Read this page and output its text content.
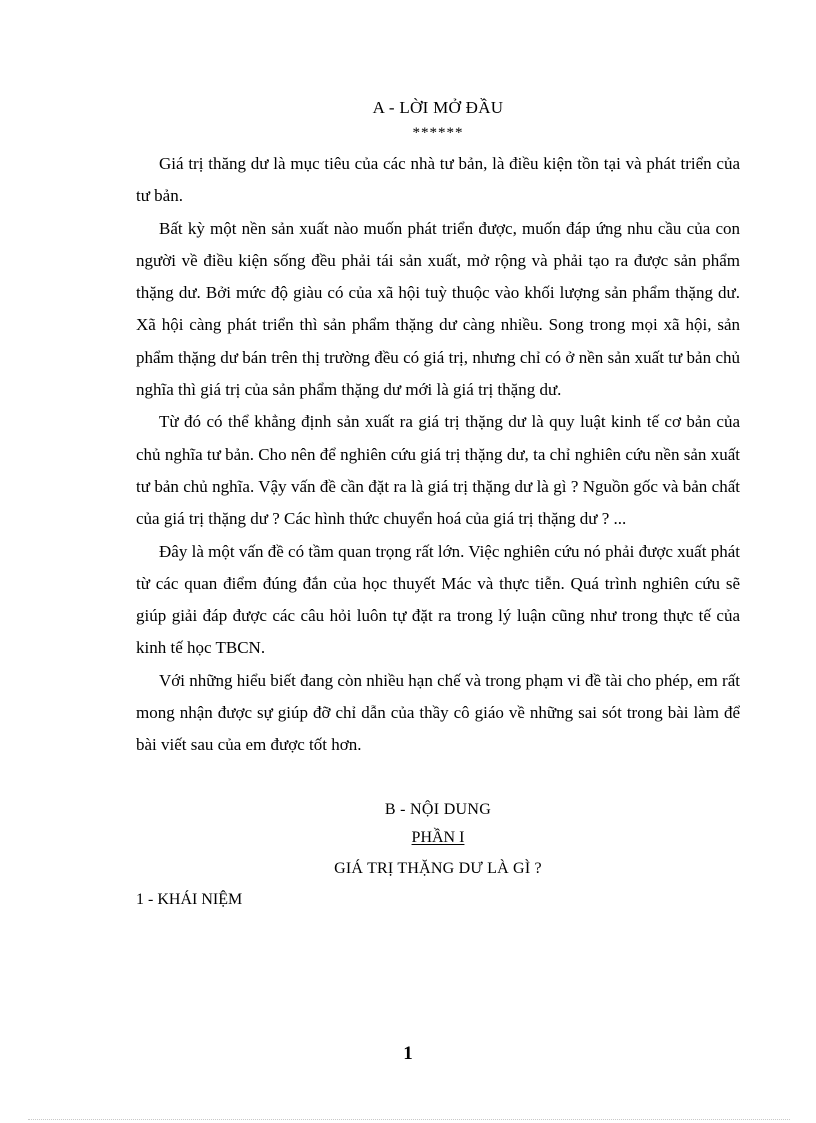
A - LỜI MỞ ĐẦU

******

Giá trị thăng dư là mục tiêu của các nhà tư bản, là điều kiện tồn tại và phát triển của tư bản.

Bất kỳ một nền sản xuất nào muốn phát triển được, muốn đáp ứng nhu cầu của con người về điều kiện sống đều phải tái sản xuất, mở rộng và phải tạo ra được sản phẩm thặng dư. Bởi mức độ giàu có của xã hội tuỳ thuộc vào khối lượng sản phẩm thặng dư. Xã hội càng phát triển thì sản phẩm thặng dư càng nhiều. Song trong mọi xã hội, sản phẩm thặng dư bán trên thị trường đều có giá trị, nhưng chỉ có ở nền sản xuất tư bản chủ nghĩa thì giá trị của sản phẩm thặng dư mới là giá trị thặng dư.

Từ đó có thể khẳng định sản xuất ra giá trị thặng dư là quy luật kinh tế cơ bản của chủ nghĩa tư bản. Cho nên để nghiên cứu giá trị thặng dư, ta chỉ nghiên cứu nền sản xuất tư bản chủ nghĩa. Vậy vấn đề cần đặt ra là giá trị thặng dư là gì ? Nguồn gốc và bản chất của giá trị thặng dư ? Các hình thức chuyển hoá của giá trị thặng dư ? ...

Đây là một vấn đề có tầm quan trọng rất lớn. Việc nghiên cứu nó phải được xuất phát từ các quan điểm đúng đắn của học thuyết Mác và thực tiễn. Quá trình nghiên cứu sẽ giúp giải đáp được các câu hỏi luôn tự đặt ra trong lý luận cũng như trong thực tế của kinh tế học TBCN.

Với những hiểu biết đang còn nhiều hạn chế và trong phạm vi đề tài cho phép, em rất mong nhận được sự giúp đỡ chỉ dẫn của thầy cô giáo về những sai sót trong bài làm để bài viết sau của em được tốt hơn.

B - NỘI DUNG

PHẦN I

GIÁ TRỊ THẶNG DƯ LÀ GÌ ?

1 - KHÁI NIỆM

1
